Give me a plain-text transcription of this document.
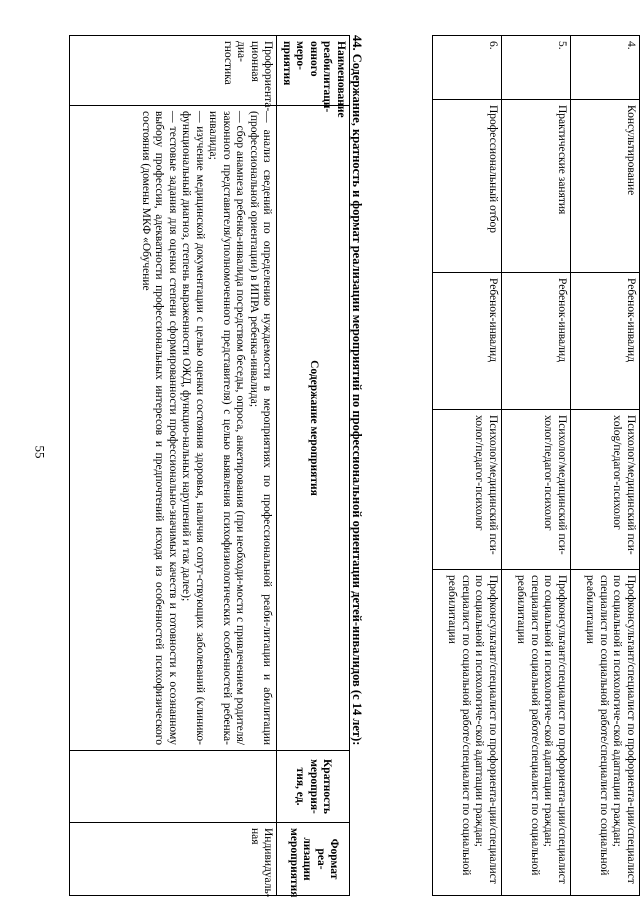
55
4.	Консультирование	Ребенок-инвалид	Психолог/медицинский пси-хolog/педагог-психолог	Профконсультант/специалист по профориента-ции/специалист по социальной и психологиче-ской адаптации граждан; специалист по социальной работе/специалист по социальной реабилитации
5.	Практические занятия	Ребенок-инвалид	Психолог/медицинский пси-холог/педагог-психолог	Профконсультант/специалист по профориента-ции/специалист по социальной и психологиче-ской адаптации граждан; специалист по социальной работе/специалист по социальной реабилитации
6.	Профессиональный отбор	Ребенок-инвалид	Психолог/медицинский пси-холог/педагог-психолог	Профконсультант/специалист по профориента-ции/специалист по социальной и психологиче-ской адаптации граждан; специалист по социальной работе/специалист по социальной реабилитации
44. Содержание, кратность и формат реализации мероприятий по профессиональной ориентации детей-инвалидов (с 14 лет):
Наименование реабилитаци-онного меро-приятия	Содержание мероприятия	Кратность мероприя-тия, ед.	Формат реа-лизации мероприятия
Профориента-ционная диа-гностика	— анализ сведений по определению нуждаемости в мероприятиях по профессиональной реаби-литации и абилитации (профессиональной ориентации) в ИПРА ребенка-инвалида;
— сбор анамнеза ребенка-инвалида посредством беседы, опроса, анкетирования (при необходи-мости с привлечением родителя/законного представителя/уполномоченного представителя) с целью выявления психофизиологических особенностей ребенка-инвалида;
— изучение медицинской документации с целью оценки состояния здоровья, наличия сопут-ствующих заболеваний (клинико-функциональный диагноз, степень выраженности ОЖД, функцио-нальных нарушений и так далее);
— тестовые задания для оценки степени сформированности профессионально-значимых качеств и готовности к осознанному выбору профессии, адекватности профессиональных интересов и предпочтений исходя из особенностей психофизического состояния (домены МКФ «Обучение		Индивидуаль-ная
